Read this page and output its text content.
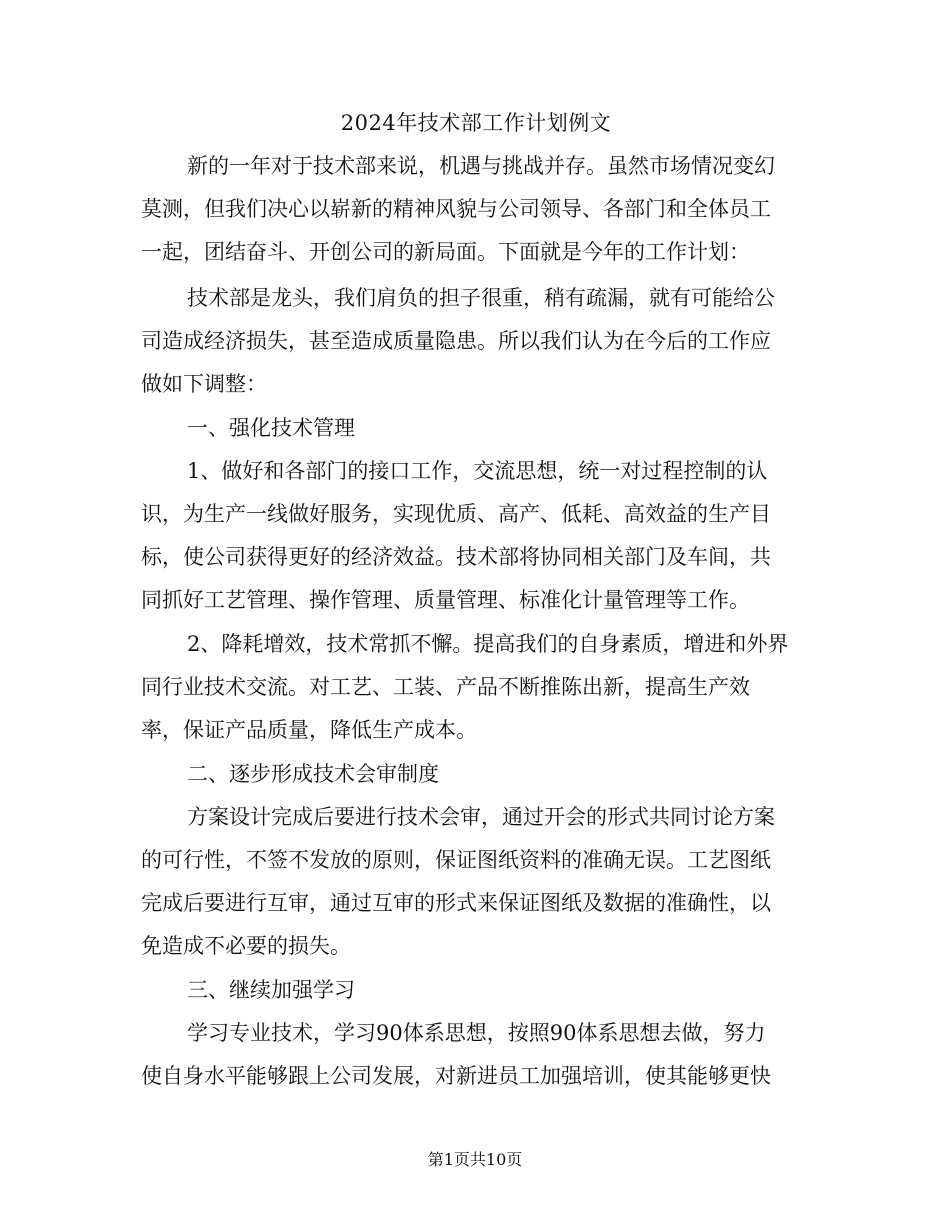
2024年技术部工作计划例文
新的一年对于技术部来说，机遇与挑战并存。虽然市场情况变幻
莫测，但我们决心以崭新的精神风貌与公司领导、各部门和全体员工
一起，团结奋斗、开创公司的新局面。下面就是今年的工作计划：
技术部是龙头，我们肩负的担子很重，稍有疏漏，就有可能给公
司造成经济损失，甚至造成质量隐患。所以我们认为在今后的工作应
做如下调整：
一、强化技术管理
1、做好和各部门的接口工作，交流思想，统一对过程控制的认
识，为生产一线做好服务，实现优质、高产、低耗、高效益的生产目
标，使公司获得更好的经济效益。技术部将协同相关部门及车间，共
同抓好工艺管理、操作管理、质量管理、标准化计量管理等工作。
2、降耗增效，技术常抓不懈。提高我们的自身素质，增进和外界
同行业技术交流。对工艺、工装、产品不断推陈出新，提高生产效
率，保证产品质量，降低生产成本。
二、逐步形成技术会审制度
方案设计完成后要进行技术会审，通过开会的形式共同讨论方案
的可行性，不签不发放的原则，保证图纸资料的准确无误。工艺图纸
完成后要进行互审，通过互审的形式来保证图纸及数据的准确性，以
免造成不必要的损失。
三、继续加强学习
学习专业技术，学习90体系思想，按照90体系思想去做，努力
使自身水平能够跟上公司发展，对新进员工加强培训，使其能够更快
第1页共10页
